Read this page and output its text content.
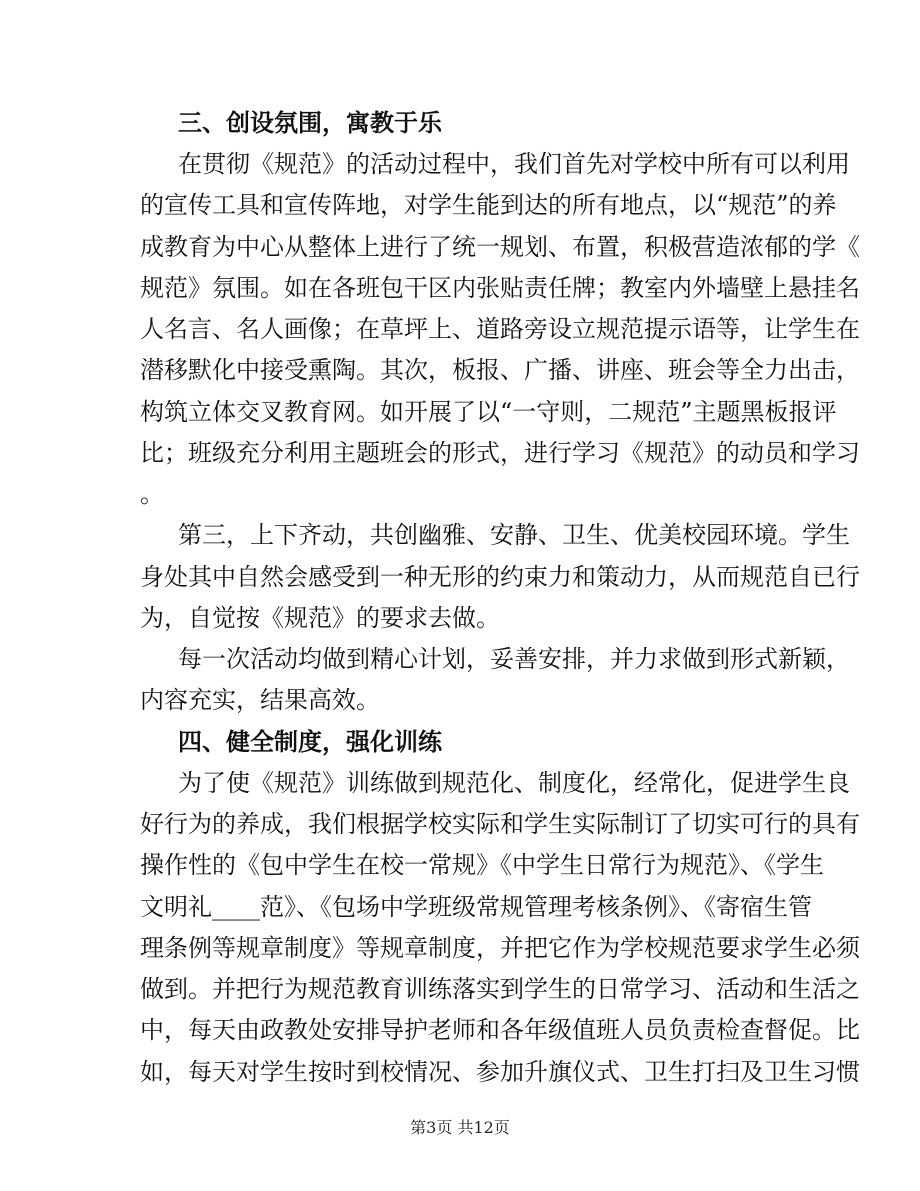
三、创设氛围，寓教于乐
在贯彻《规范》的活动过程中，我们首先对学校中所有可以利用
的宣传工具和宣传阵地，对学生能到达的所有地点，以“规范”的养
成教育为中心从整体上进行了统一规划、布置，积极营造浓郁的学《
规范》氛围。如在各班包干区内张贴责任牌；教室内外墙壁上悬挂名
人名言、名人画像；在草坪上、道路旁设立规范提示语等，让学生在
潜移默化中接受熏陶。其次，板报、广播、讲座、班会等全力出击，
构筑立体交叉教育网。如开展了以“一守则，二规范”主题黑板报评
比；班级充分利用主题班会的形式，进行学习《规范》的动员和学习
。
第三，上下齐动，共创幽雅、安静、卫生、优美校园环境。学生
身处其中自然会感受到一种无形的约束力和策动力，从而规范自已行
为，自觉按《规范》的要求去做。
每一次活动均做到精心计划，妥善安排，并力求做到形式新颖，
内容充实，结果高效。
四、健全制度，强化训练
为了使《规范》训练做到规范化、制度化，经常化，促进学生良
好行为的养成，我们根据学校实际和学生实际制订了切实可行的具有
操作性的《包中学生在校一常规》《中学生日常行为规范》、《学生
文明礼____范》、《包场中学班级常规管理考核条例》、《寄宿生管
理条例等规章制度》等规章制度，并把它作为学校规范要求学生必须
做到。并把行为规范教育训练落实到学生的日常学习、活动和生活之
中，每天由政教处安排导护老师和各年级值班人员负责检查督促。比
如，每天对学生按时到校情况、参加升旗仪式、卫生打扫及卫生习惯
第3页 共12页
